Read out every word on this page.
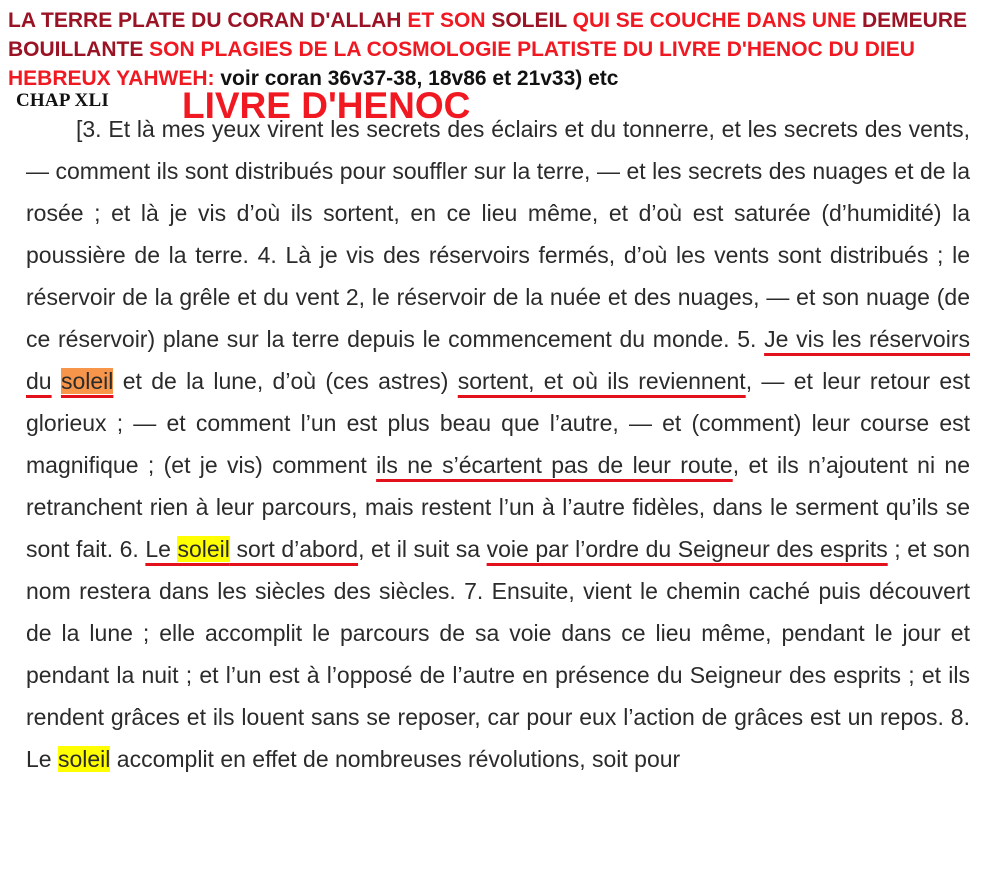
LA TERRE PLATE DU CORAN D'ALLAH ET SON SOLEIL QUI SE COUCHE DANS UNE DEMEURE BOUILLANTE SON PLAGIES DE LA COSMOLOGIE PLATISTE DU LIVRE D'HENOC DU DIEU HEBREUX YAHWEH: voir coran 36v37-38, 18v86 et 21v33) etc

[3. Et là mes yeux virent les secrets des éclairs et du tonnerre, et les secrets des vents, — comment ils sont distribués pour souffler sur la terre, — et les secrets des nuages et de la rosée ; et là je vis d’où ils sortent, en ce lieu même, et d’où est saturée (d’humidité) la poussière de la terre. 4. Là je vis des réservoirs fermés, d’où les vents sont distribués ; le réservoir de la grêle et du vent 2, le réservoir de la nuée et des nuages, — et son nuage (de ce réservoir) plane sur la terre depuis le commencement du monde. 5. Je vis les réservoirs du soleil et de la lune, d’où (ces astres) sortent, et où ils reviennent, — et leur retour est glorieux ; — et comment l’un est plus beau que l’autre, — et (comment) leur course est magnifique ; (et je vis) comment ils ne s’écartent pas de leur route, et ils n’ajoutent ni ne retranchent rien à leur parcours, mais restent l’un à l’autre fidèles, dans le serment qu’ils se sont fait. 6. Le soleil sort d’abord, et il suit sa voie par l’ordre du Seigneur des esprits ; et son nom restera dans les siècles des siècles. 7. Ensuite, vient le chemin caché puis découvert de la lune ; elle accomplit le parcours de sa voie dans ce lieu même, pendant le jour et pendant la nuit ; et l’un est à l’opposé de l’autre en présence du Seigneur des esprits ; et ils rendent grâces et ils louent sans se reposer, car pour eux l’action de grâces est un repos. 8. Le soleil accomplit en effet de nombreuses révolutions, soit pour

CHAP XLI LIVRE D'HENOC
